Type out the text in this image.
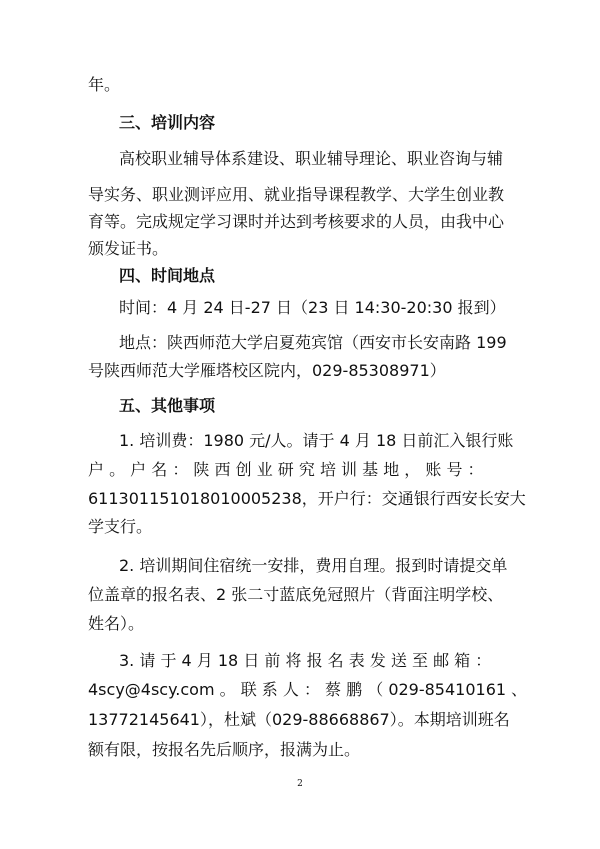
年。
三、培训内容
高校职业辅导体系建设、职业辅导理论、职业咨询与辅
导实务、职业测评应用、就业指导课程教学、大学生创业教
育等。完成规定学习课时并达到考核要求的人员，由我中心
颁发证书。
四、时间地点
时间：4 月 24 日-27 日（23 日 14:30-20:30 报到）
地点：陕西师范大学启夏苑宾馆（西安市长安南路 199
号陕西师范大学雁塔校区院内，029-85308971）
五、其他事项
1. 培训费：1980 元/人。请于 4 月 18 日前汇入银行账
户 。 户 名 ： 陕 西 创 业 研 究 培 训 基 地 ， 账 号 ：
611301151018010005238，开户行：交通银行西安长安大
学支行。
2. 培训期间住宿统一安排，费用自理。报到时请提交单
位盖章的报名表、2 张二寸蓝底免冠照片（背面注明学校、
姓名）。
3. 请 于 4 月 18 日 前 将 报 名 表 发 送 至 邮 箱 ：
4scy@4scy.com 。 联 系 人 ： 蔡 鹏 （ 029-85410161 、
13772145641），杜斌（029-88668867）。本期培训班名
额有限，按报名先后顺序，报满为止。
2
